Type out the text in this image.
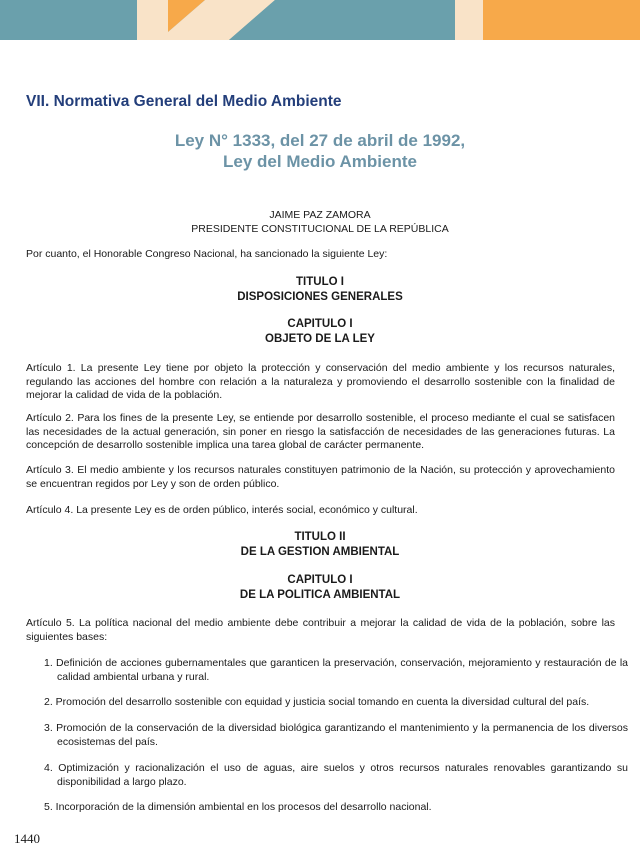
VII. Normativa General del Medio Ambiente
Ley N° 1333, del 27 de abril de 1992,
Ley del Medio Ambiente
JAIME PAZ ZAMORA
PRESIDENTE CONSTITUCIONAL DE LA REPÚBLICA

Por cuanto, el Honorable Congreso Nacional, ha sancionado la siguiente Ley:

TITULO I
DISPOSICIONES GENERALES
CAPITULO I
OBJETO DE LA LEY

Artículo 1. La presente Ley tiene por objeto la protección y conservación del medio ambiente y los recursos naturales, regulando las acciones del hombre con relación a la naturaleza y promoviendo el desarrollo sostenible con la finalidad de mejorar la calidad de vida de la población.

Artículo 2. Para los fines de la presente Ley, se entiende por desarrollo sostenible, el proceso mediante el cual se satisfacen las necesidades de la actual generación, sin poner en riesgo la satisfacción de necesidades de las generaciones futuras. La concepción de desarrollo sostenible implica una tarea global de carácter permanente.

Artículo 3. El medio ambiente y los recursos naturales constituyen patrimonio de la Nación, su protección y aprovechamiento se encuentran regidos por Ley y son de orden público.

Artículo 4. La presente Ley es de orden público, interés social, económico y cultural.

TITULO II
DE LA GESTION AMBIENTAL
CAPITULO I
DE LA POLITICA AMBIENTAL

Artículo 5. La política nacional del medio ambiente debe contribuir a mejorar la calidad de vida de la población, sobre las siguientes bases:

1. Definición de acciones gubernamentales que garanticen la preservación, conservación, mejoramiento y restauración de la calidad ambiental urbana y rural.

2. Promoción del desarrollo sostenible con equidad y justicia social tomando en cuenta la diversidad cultural del país.

3. Promoción de la conservación de la diversidad biológica garantizando el mantenimiento y la permanencia de los diversos ecosistemas del país.

4. Optimización y racionalización el uso de aguas, aire suelos y otros recursos naturales renovables garantizando su disponibilidad a largo plazo.

5. Incorporación de la dimensión ambiental en los procesos del desarrollo nacional.

1440
